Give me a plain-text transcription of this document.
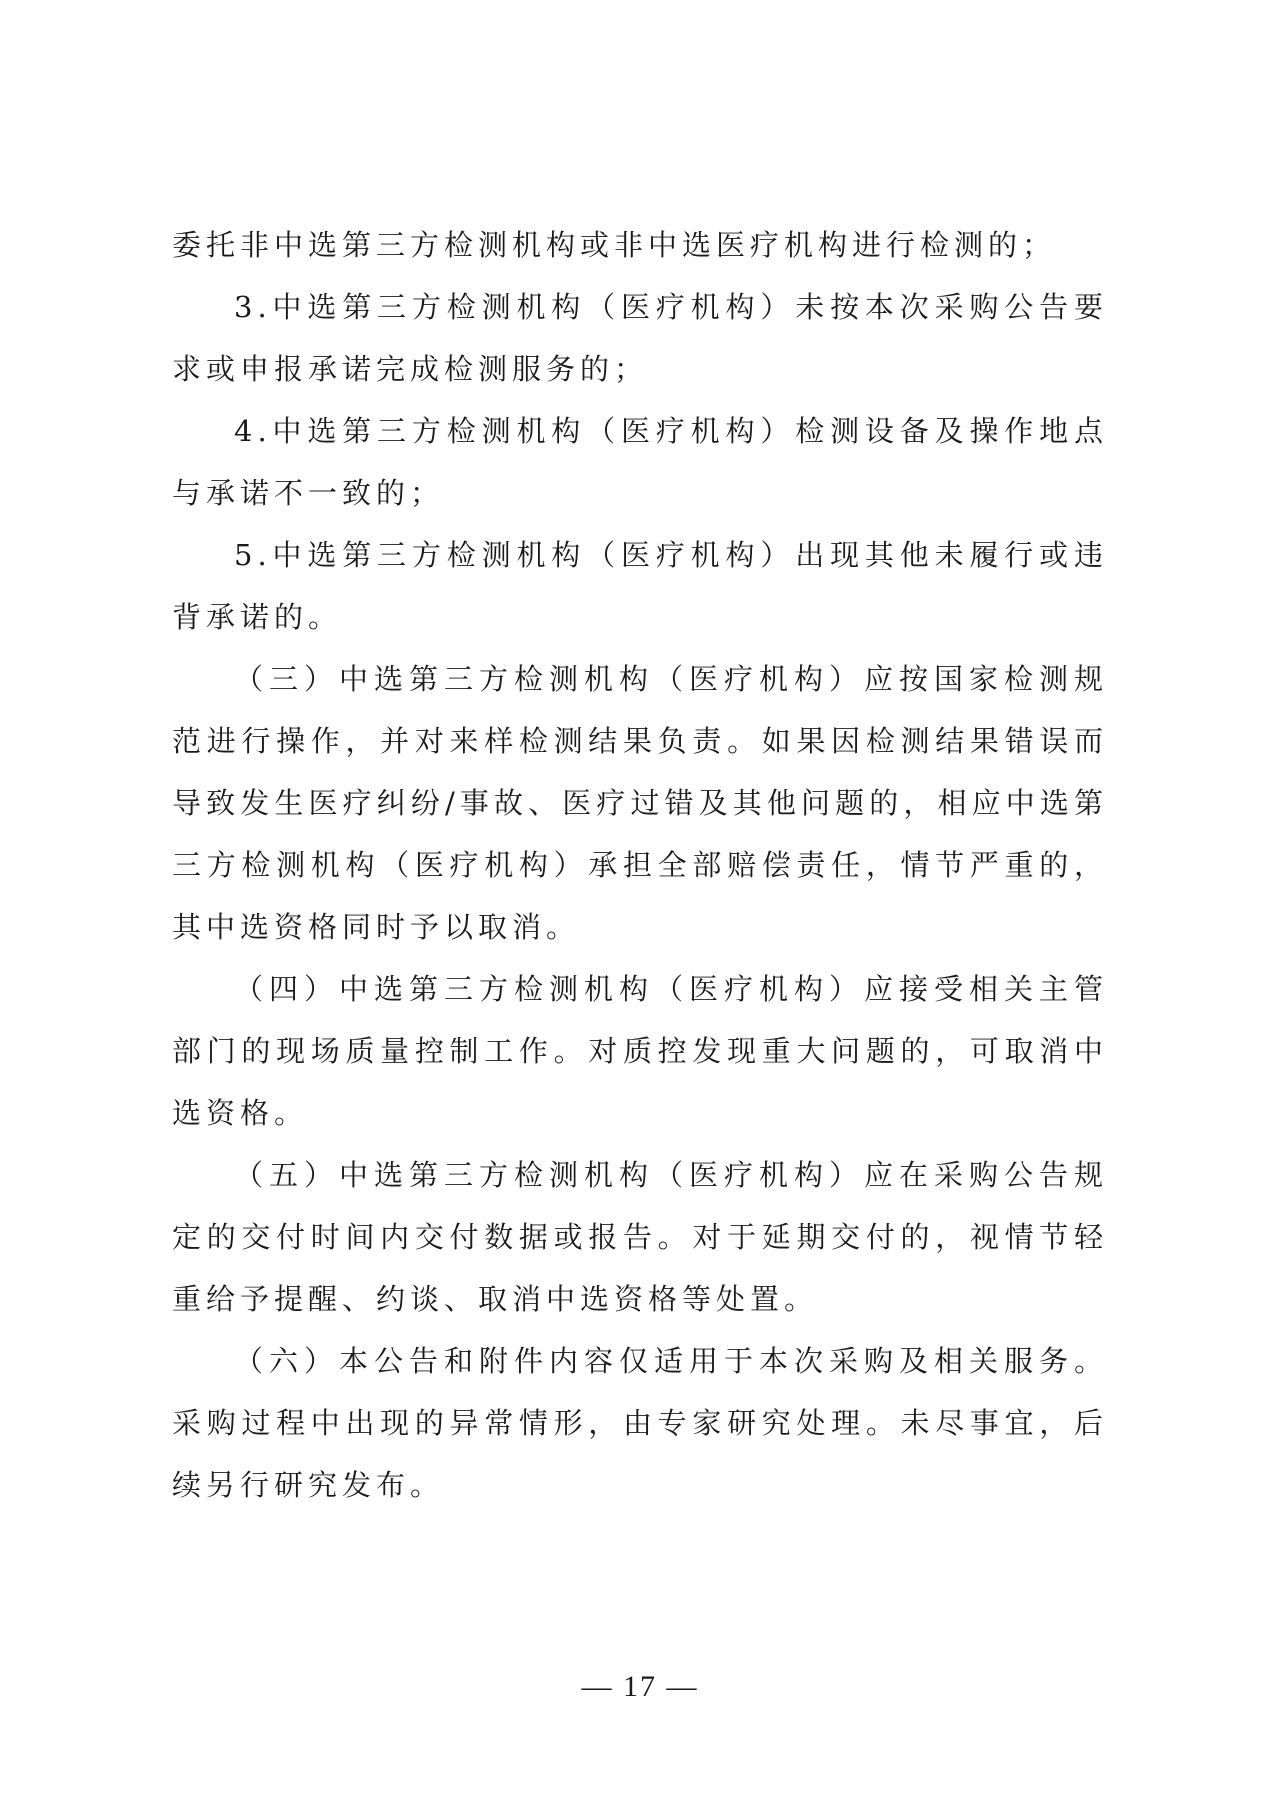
委托非中选第三方检测机构或非中选医疗机构进行检测的；

3.中选第三方检测机构（医疗机构）未按本次采购公告要求或申报承诺完成检测服务的；

4.中选第三方检测机构（医疗机构）检测设备及操作地点与承诺不一致的；

5.中选第三方检测机构（医疗机构）出现其他未履行或违背承诺的。

（三）中选第三方检测机构（医疗机构）应按国家检测规范进行操作，并对来样检测结果负责。如果因检测结果错误而导致发生医疗纠纷/事故、医疗过错及其他问题的，相应中选第三方检测机构（医疗机构）承担全部赔偿责任，情节严重的，其中选资格同时予以取消。

（四）中选第三方检测机构（医疗机构）应接受相关主管部门的现场质量控制工作。对质控发现重大问题的，可取消中选资格。

（五）中选第三方检测机构（医疗机构）应在采购公告规定的交付时间内交付数据或报告。对于延期交付的，视情节轻重给予提醒、约谈、取消中选资格等处置。

（六）本公告和附件内容仅适用于本次采购及相关服务。采购过程中出现的异常情形，由专家研究处理。未尽事宜，后续另行研究发布。

— 17 —
